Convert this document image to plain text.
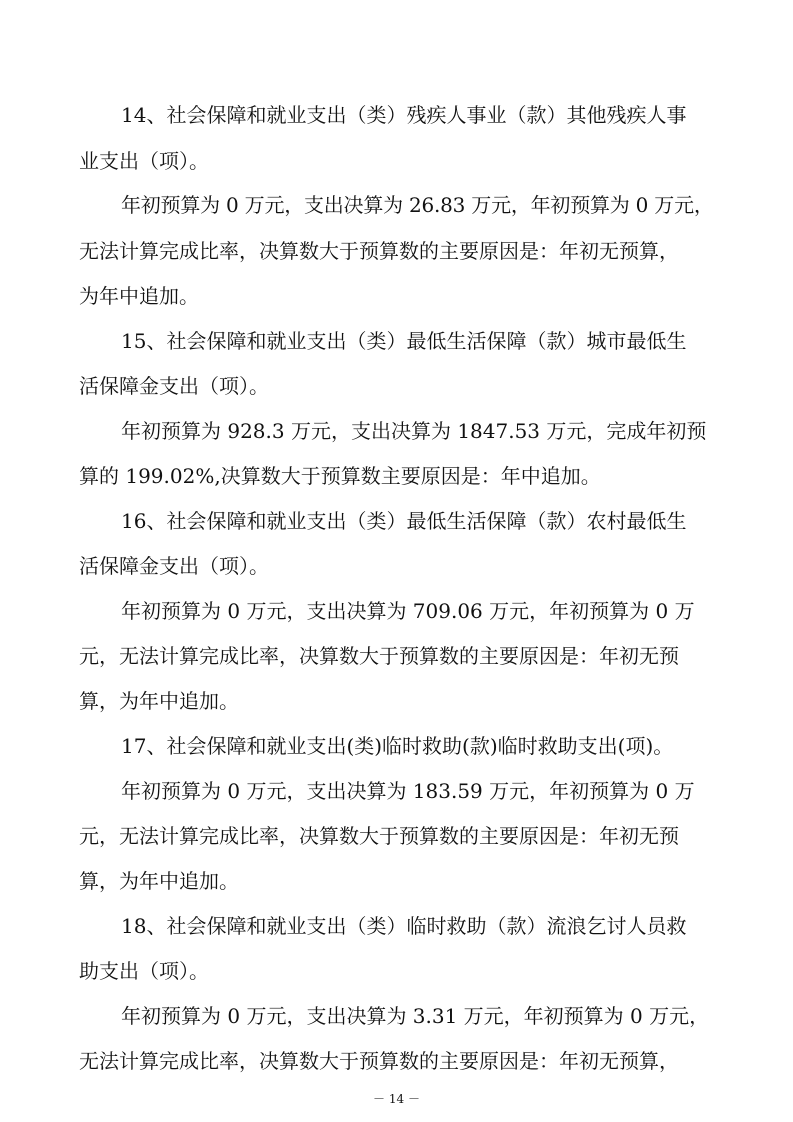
14、社会保障和就业支出（类）残疾人事业（款）其他残疾人事
业支出（项）。
年初预算为 0 万元，支出决算为 26.83 万元，年初预算为 0 万元，
无法计算完成比率，决算数大于预算数的主要原因是：年初无预算，
为年中追加。
15、社会保障和就业支出（类）最低生活保障（款）城市最低生
活保障金支出（项）。
年初预算为 928.3 万元，支出决算为 1847.53 万元，完成年初预
算的 199.02%,决算数大于预算数主要原因是：年中追加。
16、社会保障和就业支出（类）最低生活保障（款）农村最低生
活保障金支出（项）。
年初预算为 0 万元，支出决算为 709.06 万元，年初预算为 0 万
元，无法计算完成比率，决算数大于预算数的主要原因是：年初无预
算，为年中追加。
17、社会保障和就业支出(类)临时救助(款)临时救助支出(项)。
年初预算为 0 万元，支出决算为 183.59 万元，年初预算为 0 万
元，无法计算完成比率，决算数大于预算数的主要原因是：年初无预
算，为年中追加。
18、社会保障和就业支出（类）临时救助（款）流浪乞讨人员救
助支出（项）。
年初预算为 0 万元，支出决算为 3.31 万元，年初预算为 0 万元，
无法计算完成比率，决算数大于预算数的主要原因是：年初无预算，
－ 14 －
